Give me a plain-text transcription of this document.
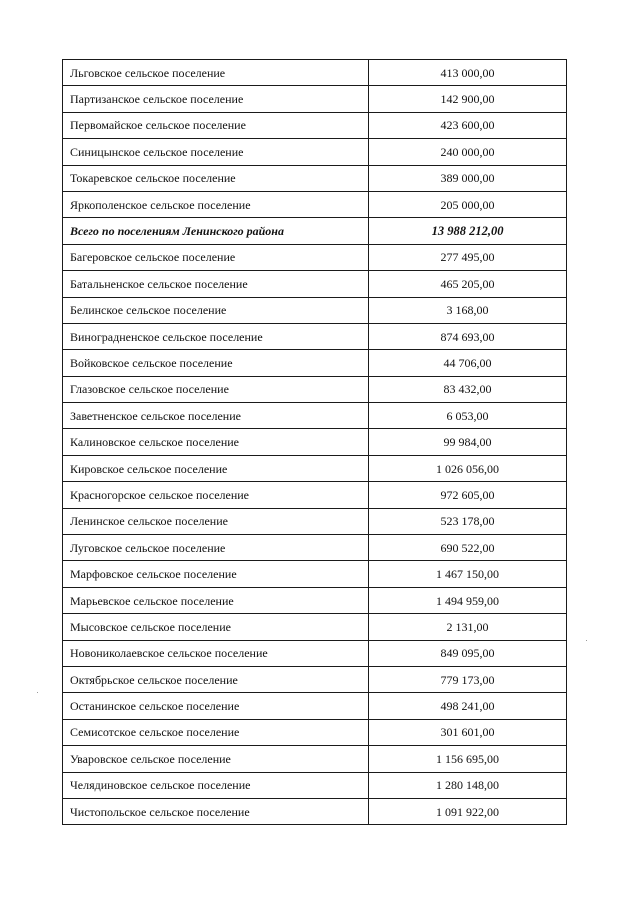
Льговское сельское поселение	413 000,00
Партизанское сельское поселение	142 900,00
Первомайское сельское поселение	423 600,00
Синицынское сельское поселение	240 000,00
Токаревское сельское поселение	389 000,00
Яркополенское сельское поселение	205 000,00
Всего по поселениям Ленинского района	13 988 212,00
Багеровское сельское поселение	277 495,00
Батальненское сельское поселение	465 205,00
Белинское сельское поселение	3 168,00
Виноградненское сельское поселение	874 693,00
Войковское сельское поселение	44 706,00
Глазовское сельское поселение	83 432,00
Заветненское сельское поселение	6 053,00
Калиновское сельское поселение	99 984,00
Кировское сельское поселение	1 026 056,00
Красногорское сельское поселение	972 605,00
Ленинское сельское поселение	523 178,00
Луговское сельское поселение	690 522,00
Марфовское сельское поселение	1 467 150,00
Марьевское сельское поселение	1 494 959,00
Мысовское сельское поселение	2 131,00
Новониколаевское сельское поселение	849 095,00
Октябрьское сельское поселение	779 173,00
Останинское сельское поселение	498 241,00
Семисотское сельское поселение	301 601,00
Уваровское сельское поселение	1 156 695,00
Челядиновское сельское поселение	1 280 148,00
Чистопольское сельское поселение	1 091 922,00
